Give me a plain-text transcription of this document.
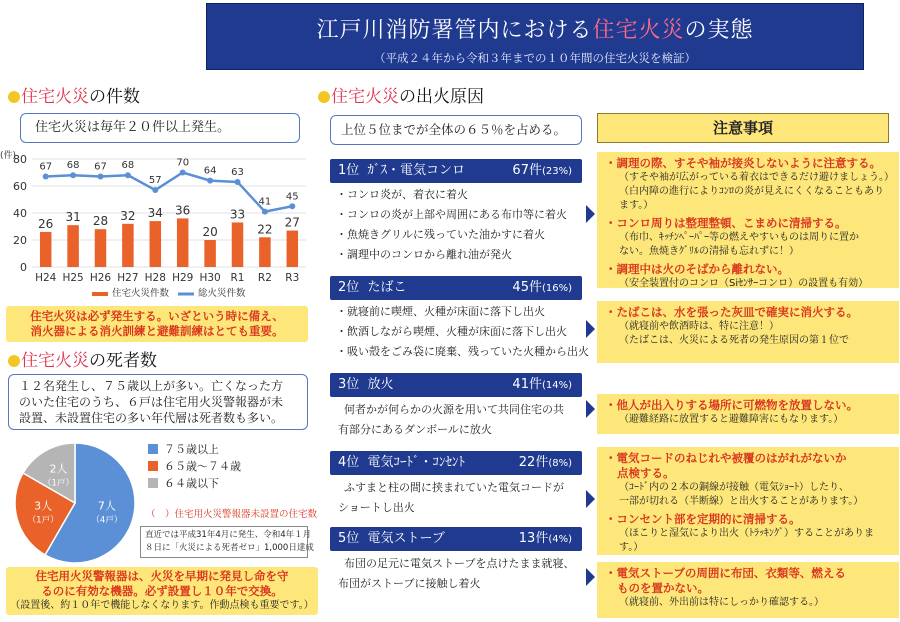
江戸川消防署管内における住宅火災の実態
（平成２４年から令和３年までの１０年間の住宅火災を検証）
住宅火災の件数
住宅火災は毎年２０件以上発生。
(件)
0
20
40
60
80
26 31 28 32 34 36
20
33
22 27
67 68 67 68
57
70
64 63
41 45
H24 H25 H26 H27 H28 H29 H30 R1 R2 R3
住宅火災件数	総火災件数
住宅火災は必ず発生する。いざという時に備え、
消火器による消火訓練と避難訓練はとても重要。
住宅火災の死者数
１２名発生し、７５歳以上が多い。亡くなった方
のいた住宅のうち、６戸は住宅用火災警報器が未
設置、未設置住宅の多い年代層は死者数も多い。
7人
（4戸）
3人
（1戸）
2人
（1戸）
７５歳以上
６５歳～７４歳
６４歳以下
（　）住宅用火災警報器未設置の住宅数
直近では平成31年4月に発生、令和4年１月
８日に「火災による死者ゼロ」1,000日達成
住宅用火災警報器は、火災を早期に発見し命を守
るのに有効な機器。必ず設置し１０年で交換。
（設置後、約１０年で機能しなくなります。作動点検も重要です。）
住宅火災の出火原因
上位５位までが全体の６５％を占める。
1位 ｶﾞｽ・電気コンロ	67件(23%)
・コンロ炎が、着衣に着火
・コンロの炎が上部や周囲にある布巾等に着火
・魚焼きグリルに残っていた油かすに着火
・調理中のコンロから離れ油が発火
2位 たばこ	45件(16%)
・就寝前に喫煙、火種が床面に落下し出火
・飲酒しながら喫煙、火種が床面に落下し出火
・吸い殻をごみ袋に廃棄、残っていた火種から出火
3位 放火	41件(14%)
何者かが何らかの火源を用いて共同住宅の共
有部分にあるダンボールに放火
4位 電気ｺｰﾄﾞ・ｺﾝｾﾝﾄ	22件(8%)
ふすまと柱の間に挟まれていた電気コードが
ショートし出火
5位 電気ストーブ	13件(4%)
布団の足元に電気ストーブを点けたまま就寝、
布団がストーブに接触し着火
注意事項
・調理の際、すそや袖が接炎しないように注意する。
（すそや袖が広がっている着衣はできるだけ避けましょう。）
（白内障の進行によりｺﾝﾛの炎が見えにくくなることもあります。）
・コンロ周りは整理整頓、こまめに清掃する。
（布巾、ｷｯﾁﾝﾍﾟｰﾊﾟｰ等の燃えやすいものは周りに置か
ない。魚焼きｸﾞﾘﾙの清掃も忘れずに！）
・調理中は火のそばから離れない。
（安全装置付のコンロ（Siｾﾝｻｰコンロ）の設置も有効）
・たばこは、水を張った灰皿で確実に消火する。
（就寝前や飲酒時は、特に注意！）
（たばこは、火災による死者の発生原因の第１位で
・他人が出入りする場所に可燃物を放置しない。
（避難経路に放置すると避難障害にもなります。）
・電気コードのねじれや被覆のはがれがないか
点検する。
（ｺｰﾄﾞ内の２本の銅線が接触（電気ｼｮｰﾄ）したり、
一部が切れる（半断線）と出火することがあります。）
・コンセント部を定期的に清掃する。
（ほこりと湿気により出火（ﾄﾗｯｷﾝｸﾞ）することがあります。）
・電気ストーブの周囲に布団、衣類等、燃える
ものを置かない。
（就寝前、外出前は特にしっかり確認する。）
